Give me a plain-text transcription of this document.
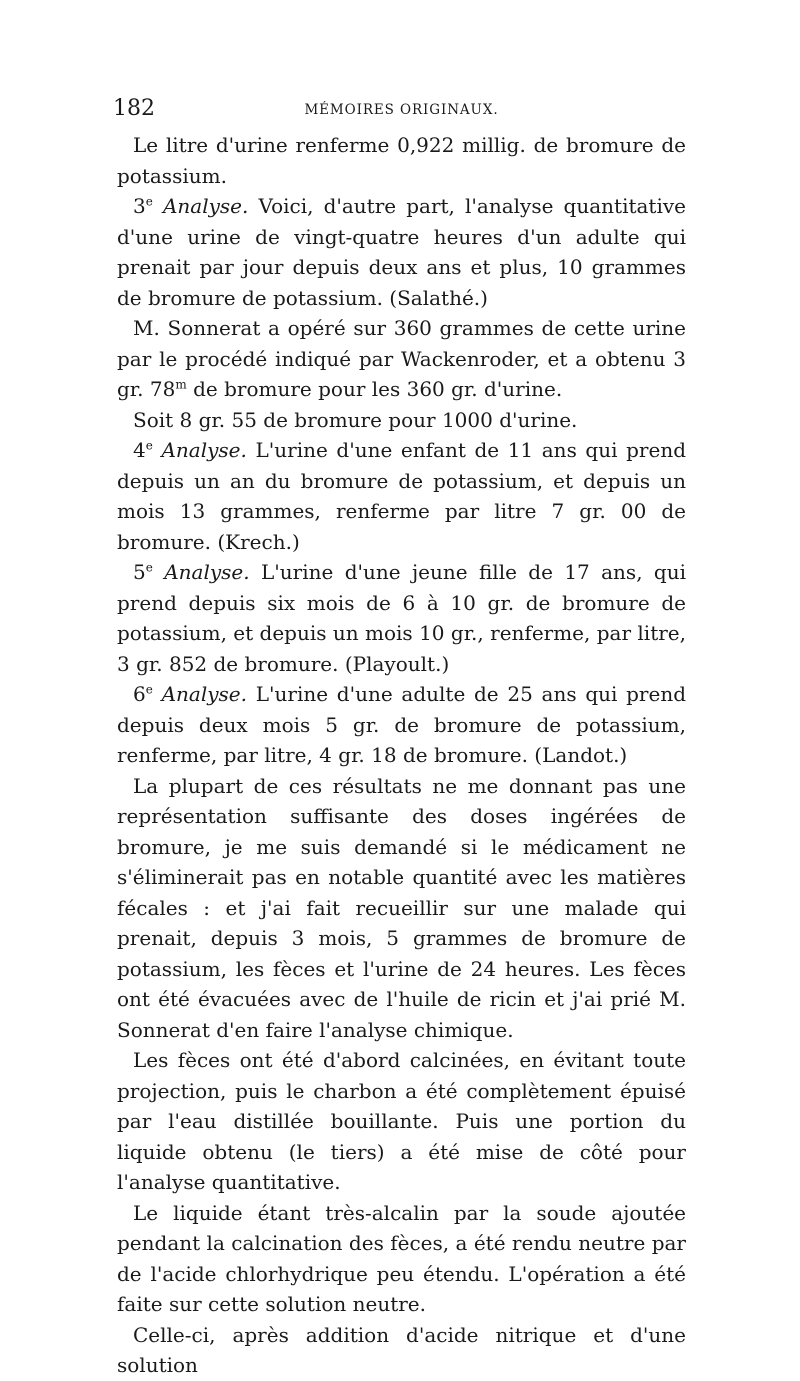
182	MÉMOIRES ORIGINAUX.

Le litre d'urine renferme 0,922 millig. de bromure de potassium.

3e Analyse. Voici, d'autre part, l'analyse quantitative d'une urine de vingt-quatre heures d'un adulte qui prenait par jour depuis deux ans et plus, 10 grammes de bromure de potassium. (Salathé.)

M. Sonnerat a opéré sur 360 grammes de cette urine par le procédé indiqué par Wackenroder, et a obtenu 3 gr. 78$^m$ de bromure pour les 360 gr. d'urine.

Soit 8 gr. 55 de bromure pour 1000 d'urine.

4e Analyse. L'urine d'une enfant de 11 ans qui prend depuis un an du bromure de potassium, et depuis un mois 13 grammes, renferme par litre 7 gr. 00 de bromure. (Krech.)

5e Analyse. L'urine d'une jeune fille de 17 ans, qui prend depuis six mois de 6 à 10 gr. de bromure de potassium, et depuis un mois 10 gr., renferme, par litre, 3 gr. 852 de bromure. (Playoult.)

6e Analyse. L'urine d'une adulte de 25 ans qui prend depuis deux mois 5 gr. de bromure de potassium, renferme, par litre, 4 gr. 18 de bromure. (Landot.)

La plupart de ces résultats ne me donnant pas une représentation suffisante des doses ingérées de bromure, je me suis demandé si le médicament ne s'éliminerait pas en notable quantité avec les matières fécales : et j'ai fait recueillir sur une malade qui prenait, depuis 3 mois, 5 grammes de bromure de potassium, les fèces et l'urine de 24 heures. Les fèces ont été évacuées avec de l'huile de ricin et j'ai prié M. Sonnerat d'en faire l'analyse chimique.

Les fèces ont été d'abord calcinées, en évitant toute projection, puis le charbon a été complètement épuisé par l'eau distillée bouillante. Puis une portion du liquide obtenu (le tiers) a été mise de côté pour l'analyse quantitative.

Le liquide étant très-alcalin par la soude ajoutée pendant la calcination des fèces, a été rendu neutre par de l'acide chlorhydrique peu étendu. L'opération a été faite sur cette solution neutre.

Celle-ci, après addition d'acide nitrique et d'une solution
